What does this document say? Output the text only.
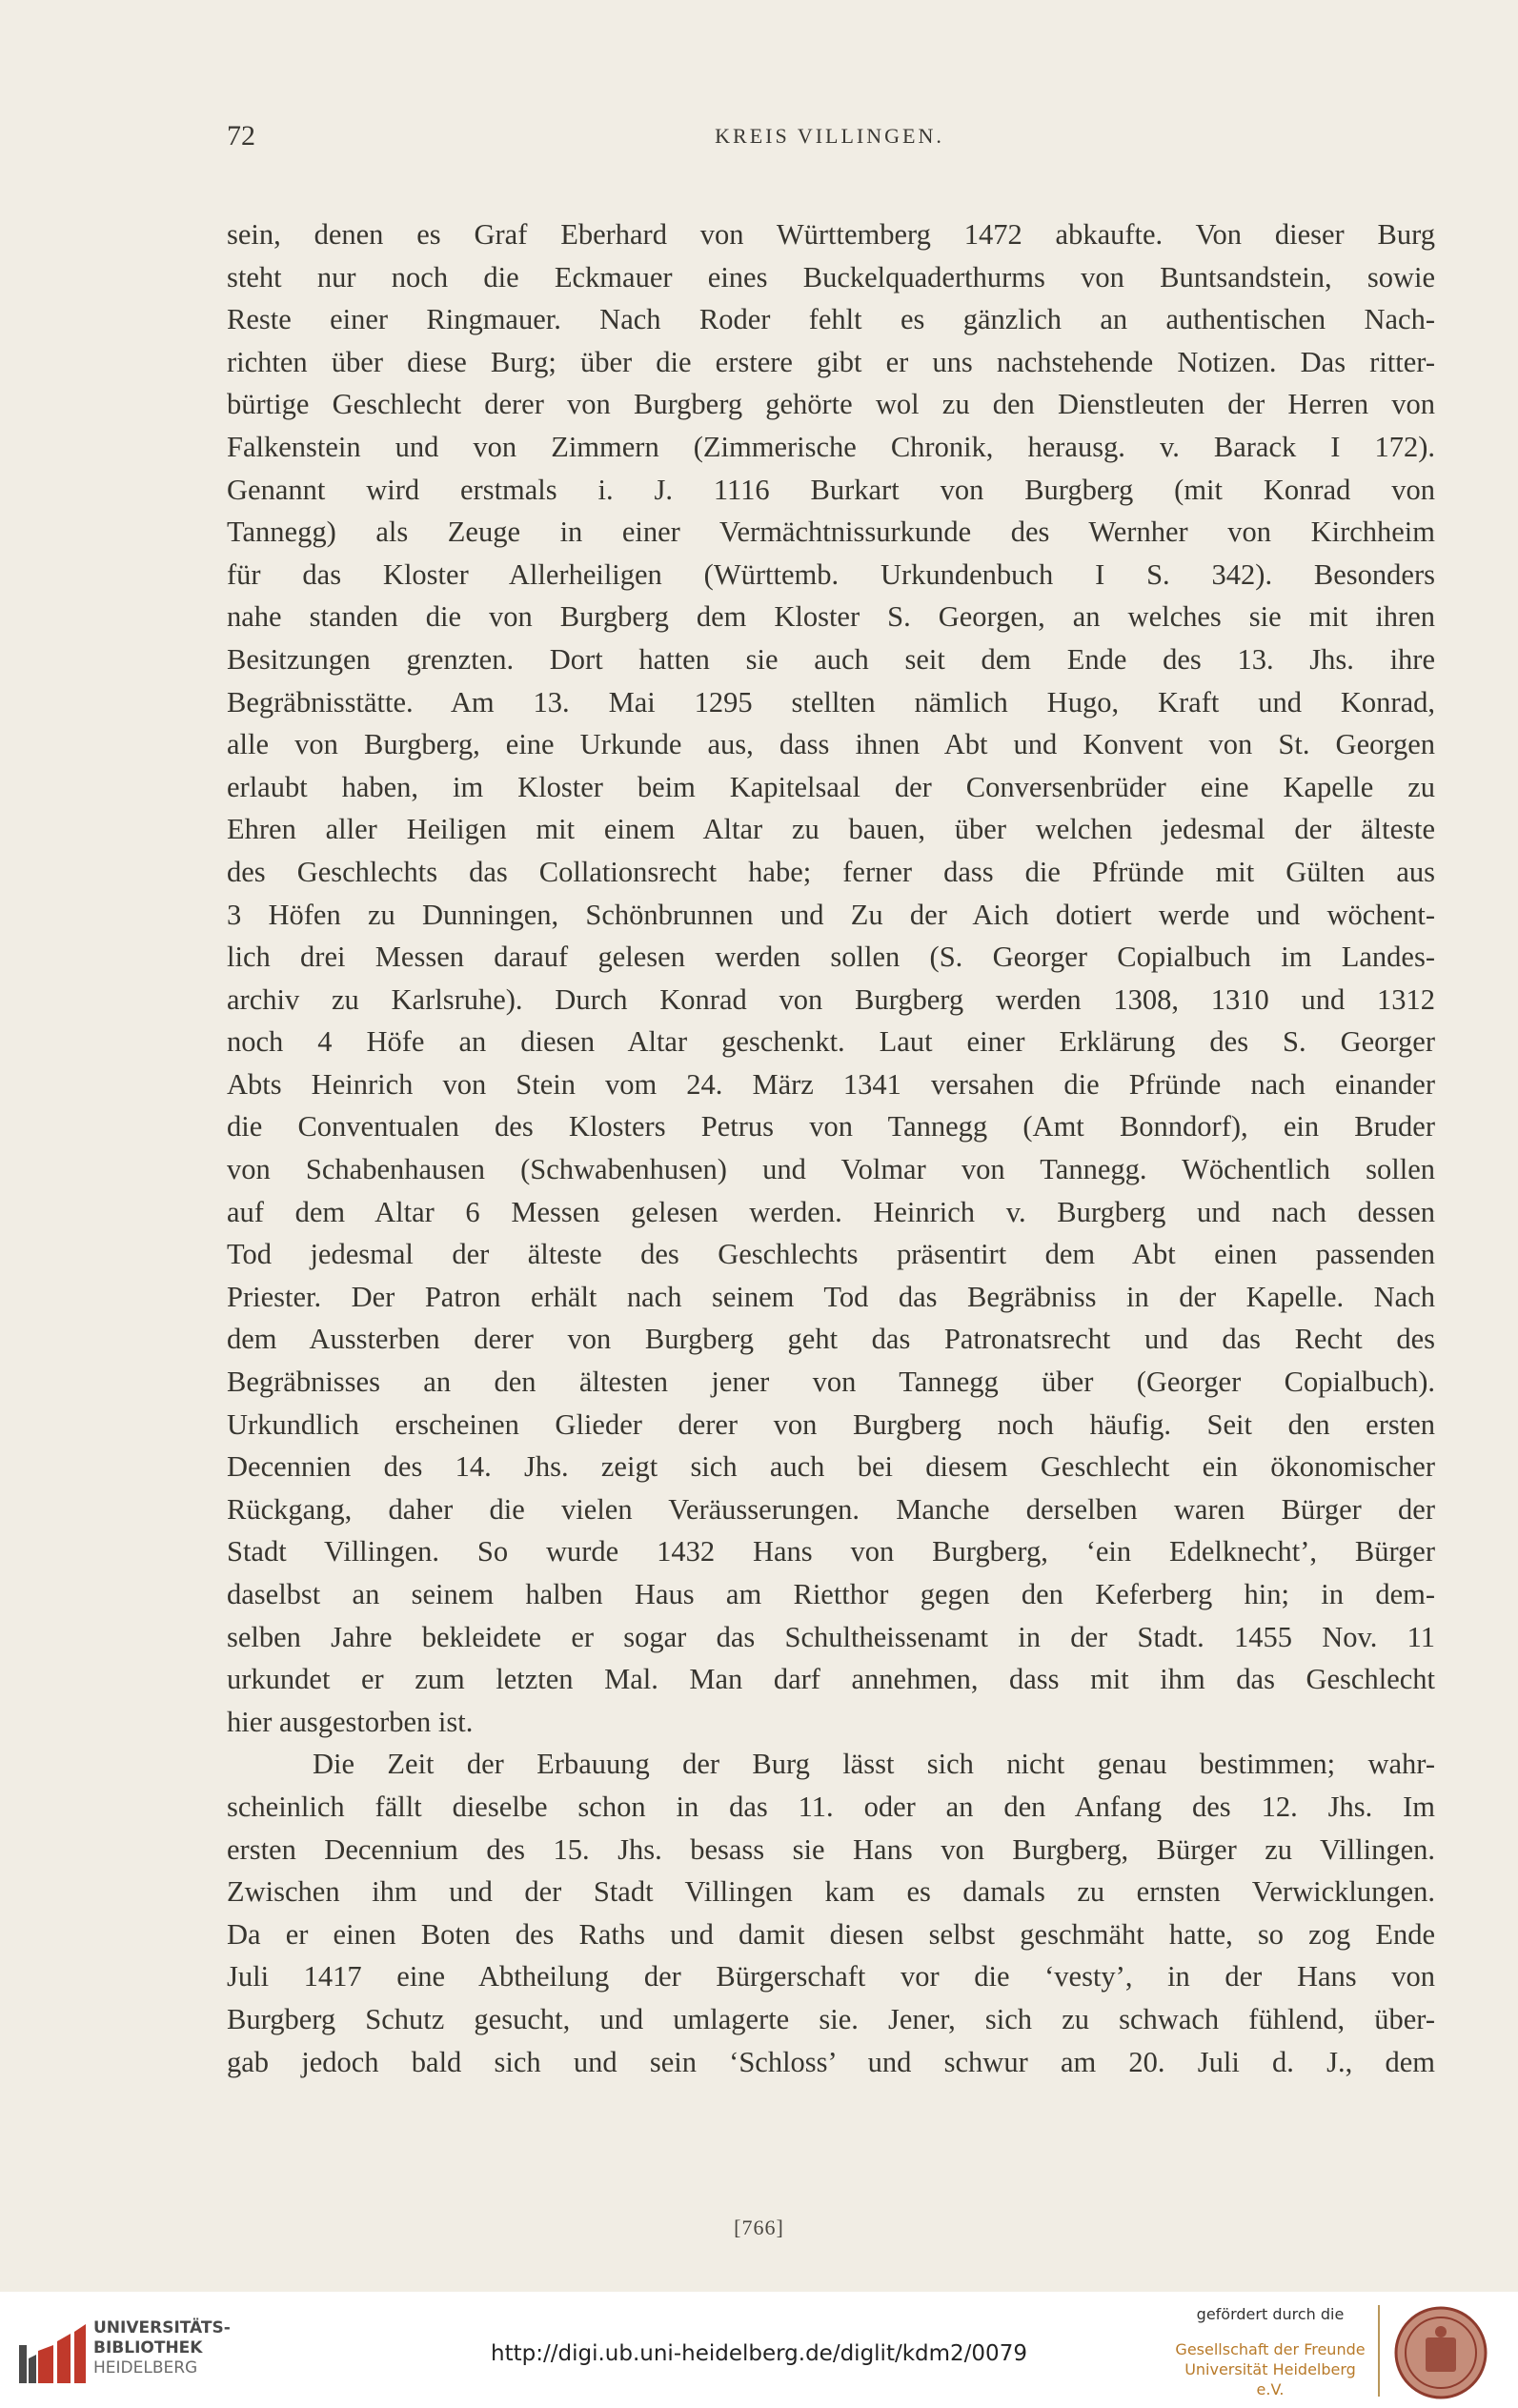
72	KREIS VILLINGEN.

sein, denen es Graf Eberhard von Württemberg 1472 abkaufte. Von dieser Burg

steht nur noch die Eckmauer eines Buckelquaderthurms von Buntsandstein, sowie

Reste einer Ringmauer. Nach Roder fehlt es gänzlich an authentischen Nach-

richten über diese Burg; über die erstere gibt er uns nachstehende Notizen. Das ritter-

bürtige Geschlecht derer von Burgberg gehörte wol zu den Dienstleuten der Herren von

Falkenstein und von Zimmern (Zimmerische Chronik, herausg. v. Barack I 172).

Genannt wird erstmals i. J. 1116 Burkart von Burgberg (mit Konrad von

Tannegg) als Zeuge in einer Vermächtnissurkunde des Wernher von Kirchheim

für das Kloster Allerheiligen (Württemb. Urkundenbuch I S. 342). Besonders

nahe standen die von Burgberg dem Kloster S. Georgen, an welches sie mit ihren

Besitzungen grenzten. Dort hatten sie auch seit dem Ende des 13. Jhs. ihre

Begräbnisstätte. Am 13. Mai 1295 stellten nämlich Hugo, Kraft und Konrad,

alle von Burgberg, eine Urkunde aus, dass ihnen Abt und Konvent von St. Georgen

erlaubt haben, im Kloster beim Kapitelsaal der Conversenbrüder eine Kapelle zu

Ehren aller Heiligen mit einem Altar zu bauen, über welchen jedesmal der älteste

des Geschlechts das Collationsrecht habe; ferner dass die Pfründe mit Gülten aus

3 Höfen zu Dunningen, Schönbrunnen und Zu der Aich dotiert werde und wöchent-

lich drei Messen darauf gelesen werden sollen (S. Georger Copialbuch im Landes-

archiv zu Karlsruhe). Durch Konrad von Burgberg werden 1308, 1310 und 1312

noch 4 Höfe an diesen Altar geschenkt. Laut einer Erklärung des S. Georger

Abts Heinrich von Stein vom 24. März 1341 versahen die Pfründe nach einander

die Conventualen des Klosters Petrus von Tannegg (Amt Bonndorf), ein Bruder

von Schabenhausen (Schwabenhusen) und Volmar von Tannegg. Wöchentlich sollen

auf dem Altar 6 Messen gelesen werden. Heinrich v. Burgberg und nach dessen

Tod jedesmal der älteste des Geschlechts präsentirt dem Abt einen passenden

Priester. Der Patron erhält nach seinem Tod das Begräbniss in der Kapelle. Nach

dem Aussterben derer von Burgberg geht das Patronatsrecht und das Recht des

Begräbnisses an den ältesten jener von Tannegg über (Georger Copialbuch).

Urkundlich erscheinen Glieder derer von Burgberg noch häufig. Seit den ersten

Decennien des 14. Jhs. zeigt sich auch bei diesem Geschlecht ein ökonomischer

Rückgang, daher die vielen Veräusserungen. Manche derselben waren Bürger der

Stadt Villingen. So wurde 1432 Hans von Burgberg, ‘ein Edelknecht’, Bürger

daselbst an seinem halben Haus am Rietthor gegen den Keferberg hin; in dem-

selben Jahre bekleidete er sogar das Schultheissenamt in der Stadt. 1455 Nov. 11

urkundet er zum letzten Mal. Man darf annehmen, dass mit ihm das Geschlecht

hier ausgestorben ist.

Die Zeit der Erbauung der Burg lässt sich nicht genau bestimmen; wahr-

scheinlich fällt dieselbe schon in das 11. oder an den Anfang des 12. Jhs. Im

ersten Decennium des 15. Jhs. besass sie Hans von Burgberg, Bürger zu Villingen.

Zwischen ihm und der Stadt Villingen kam es damals zu ernsten Verwicklungen.

Da er einen Boten des Raths und damit diesen selbst geschmäht hatte, so zog Ende

Juli 1417 eine Abtheilung der Bürgerschaft vor die ‘vesty’, in der Hans von

Burgberg Schutz gesucht, und umlagerte sie. Jener, sich zu schwach fühlend, über-

gab jedoch bald sich und sein ‘Schloss’ und schwur am 20. Juli d. J., dem

[766]
UNIVERSITÄTS-
BIBLIOTHEK
HEIDELBERG
http://digi.ub.uni-heidelberg.de/diglit/kdm2/0079
gefördert durch die
Gesellschaft der Freunde
Universität Heidelberg e.V.
